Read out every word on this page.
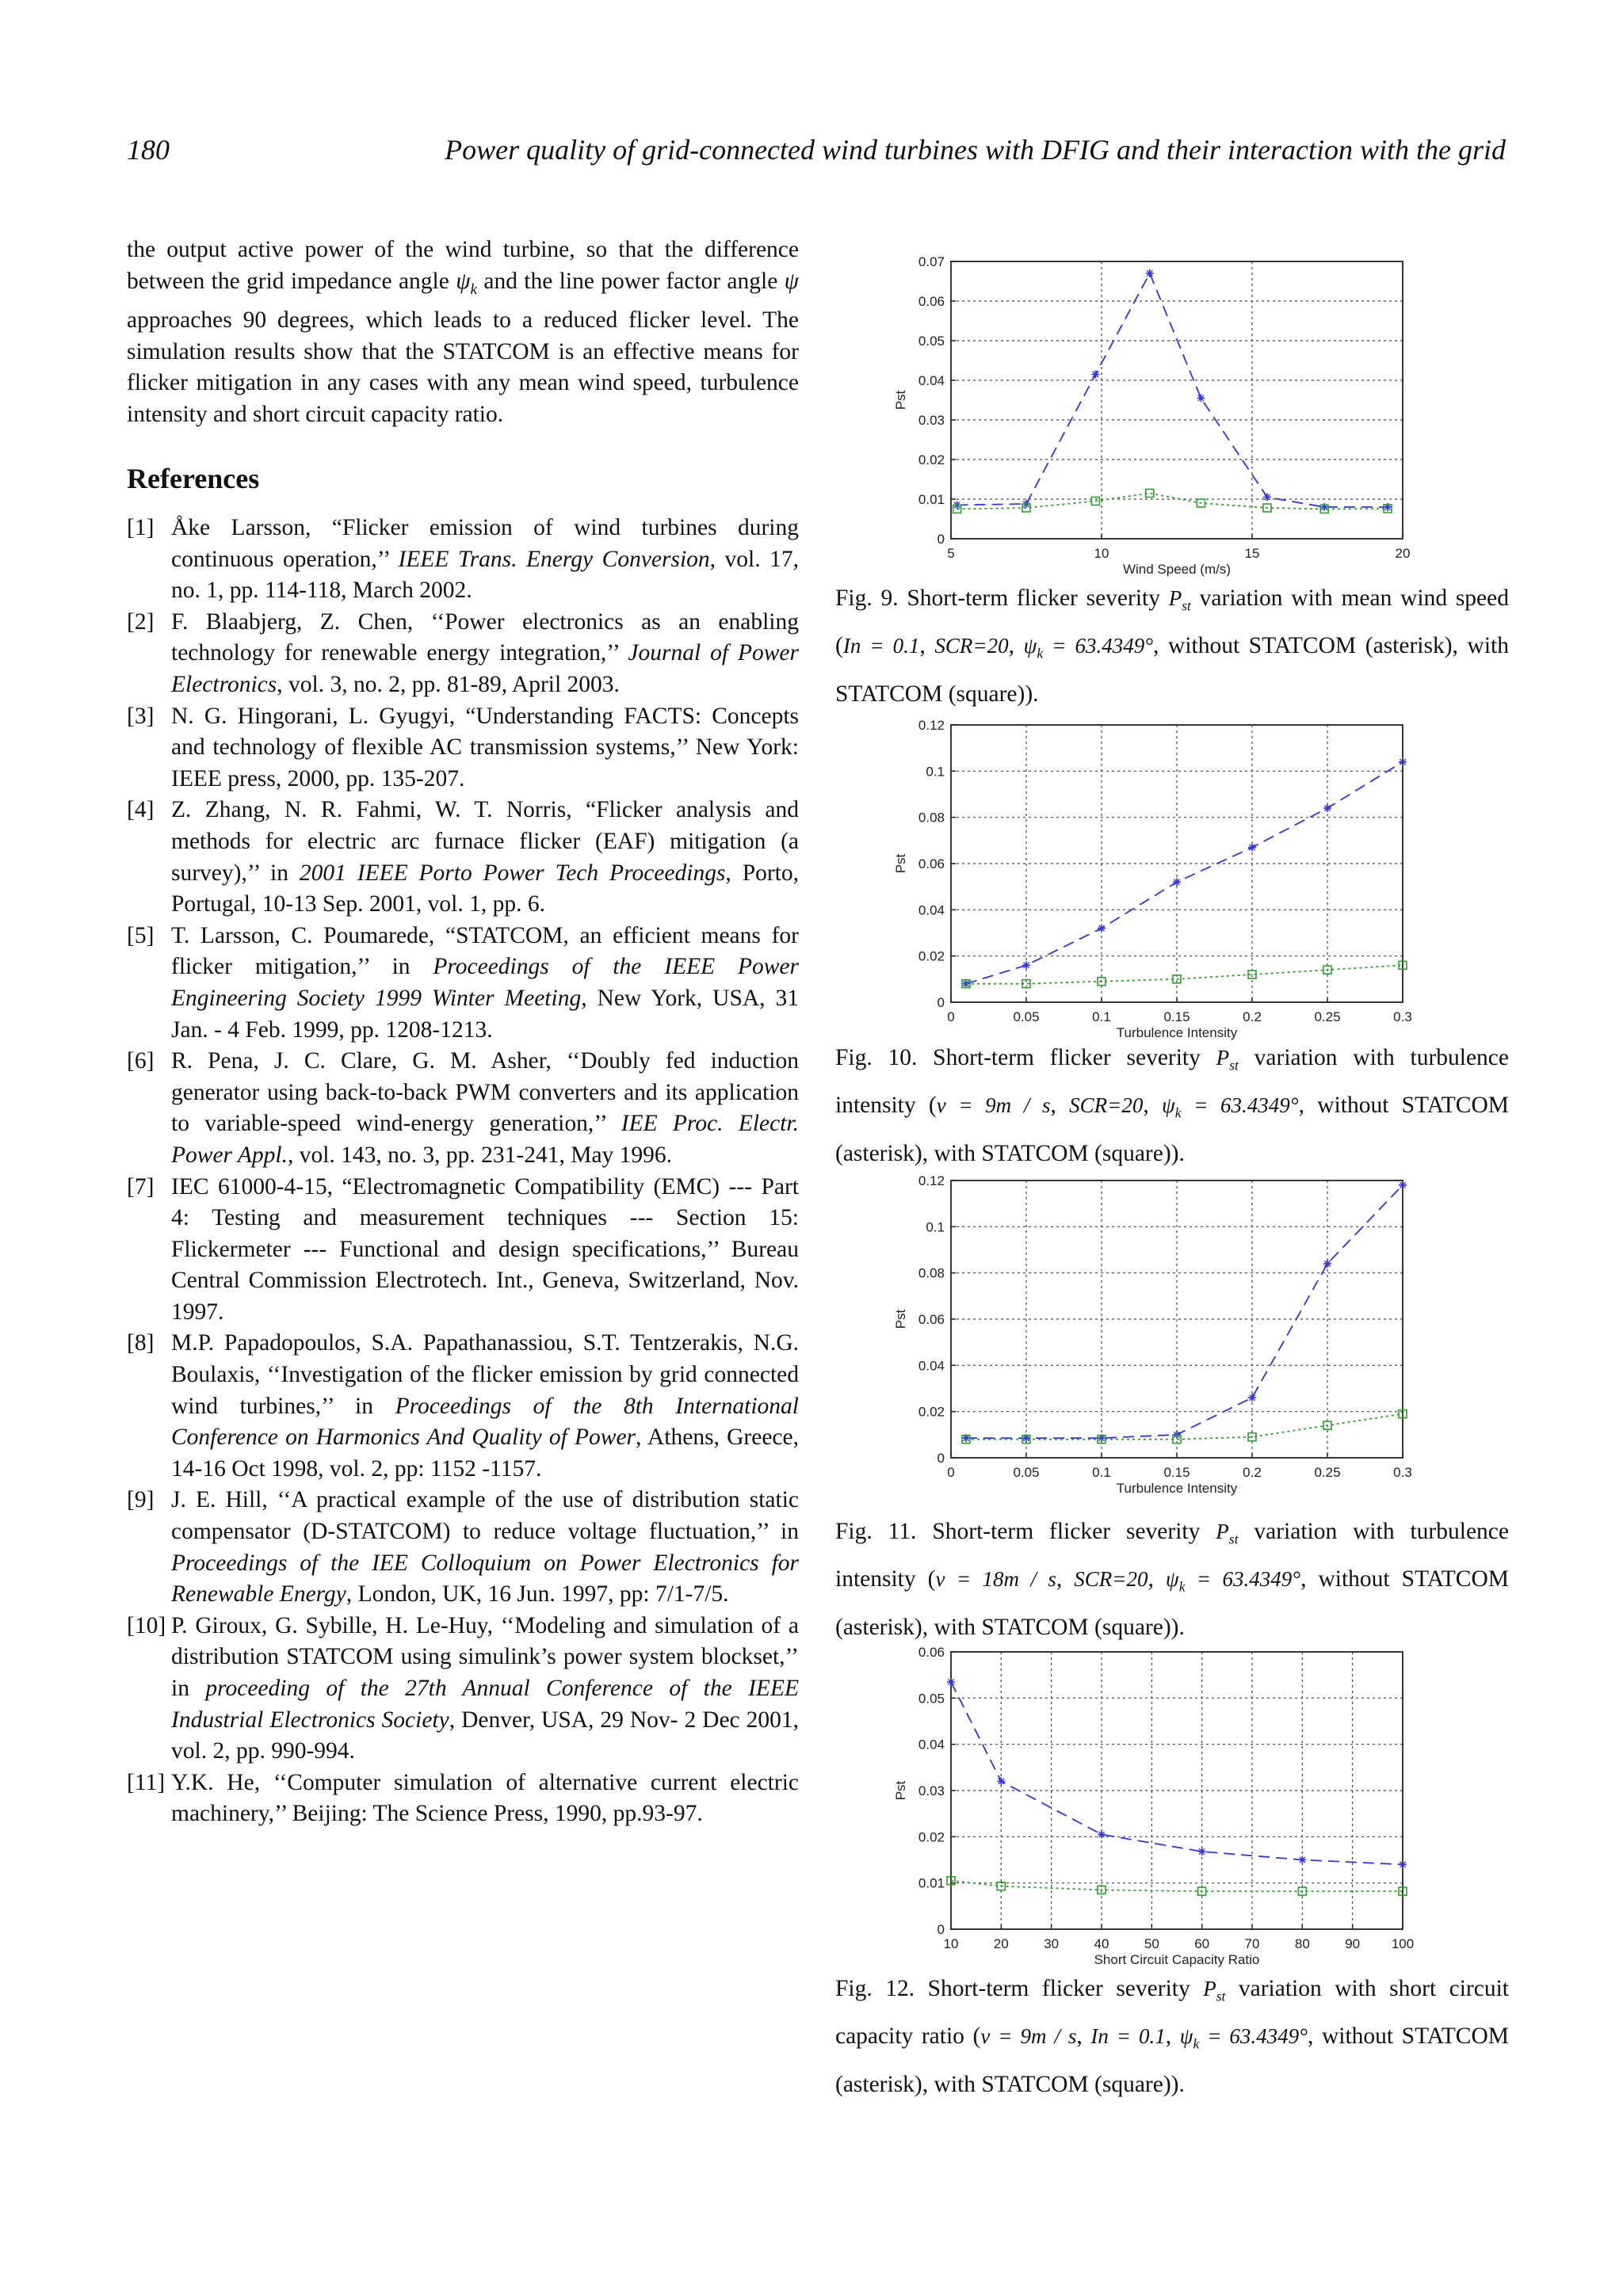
180	Power quality of grid-connected wind turbines with DFIG and their interaction with the grid

the output active power of the wind turbine, so that the difference between the grid impedance angle $\psi_k$ and the line power factor angle ψ approaches 90 degrees, which leads to a reduced flicker level. The simulation results show that the STATCOM is an effective means for flicker mitigation in any cases with any mean wind speed, turbulence intensity and short circuit capacity ratio.

References
[1] Åke Larsson, “Flicker emission of wind turbines during continuous operation,’’ IEEE Trans. Energy Conversion, vol. 17, no. 1, pp. 114-118, March 2002.
[2] F. Blaabjerg, Z. Chen, ‘‘Power electronics as an enabling technology for renewable energy integration,’’ Journal of Power Electronics, vol. 3, no. 2, pp. 81-89, April 2003.
[3] N. G. Hingorani, L. Gyugyi, “Understanding FACTS: Concepts and technology of flexible AC transmission systems,’’ New York: IEEE press, 2000, pp. 135-207.
[4] Z. Zhang, N. R. Fahmi, W. T. Norris, “Flicker analysis and methods for electric arc furnace flicker (EAF) mitigation (a survey),’’ in 2001 IEEE Porto Power Tech Proceedings, Porto, Portugal, 10-13 Sep. 2001, vol. 1, pp. 6.
[5] T. Larsson, C. Poumarede, “STATCOM, an efficient means for flicker mitigation,’’ in Proceedings of the IEEE Power Engineering Society 1999 Winter Meeting, New York, USA, 31 Jan. - 4 Feb. 1999, pp. 1208-1213.
[6] R. Pena, J. C. Clare, G. M. Asher, ‘‘Doubly fed induction generator using back-to-back PWM converters and its application to variable-speed wind-energy generation,’’ IEE Proc. Electr. Power Appl., vol. 143, no. 3, pp. 231-241, May 1996.
[7] IEC 61000-4-15, “Electromagnetic Compatibility (EMC) --- Part 4: Testing and measurement techniques --- Section 15: Flickermeter --- Functional and design specifications,’’ Bureau Central Commission Electrotech. Int., Geneva, Switzerland, Nov. 1997.
[8] M.P. Papadopoulos, S.A. Papathanassiou, S.T. Tentzerakis, N.G. Boulaxis, ‘‘Investigation of the flicker emission by grid connected wind turbines,’’ in Proceedings of the 8th International Conference on Harmonics And Quality of Power, Athens, Greece, 14-16 Oct 1998, vol. 2, pp: 1152 -1157.
[9] J. E. Hill, ‘‘A practical example of the use of distribution static compensator (D-STATCOM) to reduce voltage fluctuation,’’ in Proceedings of the IEE Colloquium on Power Electronics for Renewable Energy, London, UK, 16 Jun. 1997, pp: 7/1-7/5.
[10] P. Giroux, G. Sybille, H. Le-Huy, ‘‘Modeling and simulation of a distribution STATCOM using simulink’s power system blockset,’’ in proceeding of the 27th Annual Conference of the IEEE Industrial Electronics Society, Denver, USA, 29 Nov- 2 Dec 2001, vol. 2, pp. 990-994.
[11] Y.K. He, ‘‘Computer simulation of alternative current electric machinery,’’ Beijing: The Science Press, 1990, pp.93-97.
5	10	15	20
0
0.01
0.02
0.03
0.04
0.05
0.06
0.07
Wind Speed (m/s)
Pst
Fig. 9. Short-term flicker severity $P_{st}$ variation with mean wind speed (In = 0.1, SCR=20, $\psi_k = 63.4349^\circ$, without STATCOM (asterisk), with STATCOM (square)).
0	0.05	0.1	0.15	0.2	0.25	0.3
0
0.02
0.04
0.06
0.08
0.1
0.12
Turbulence Intensity
Pst
Fig. 10. Short-term flicker severity $P_{st}$ variation with turbulence intensity (v = 9m / s, SCR=20, $\psi_k = 63.4349^\circ$, without STATCOM (asterisk), with STATCOM (square)).
0	0.05	0.1	0.15	0.2	0.25	0.3
0
0.02
0.04
0.06
0.08
0.1
0.12
Turbulence Intensity
Pst
Fig. 11. Short-term flicker severity $P_{st}$ variation with turbulence intensity (v = 18m / s, SCR=20, $\psi_k = 63.4349^\circ$, without STATCOM (asterisk), with STATCOM (square)).
10	20	30	40	50	60	70	80	90 100
0
0.01
0.02
0.03
0.04
0.05
0.06
Short Circuit Capacity Ratio
Pst
Fig. 12. Short-term flicker severity $P_{st}$ variation with short circuit capacity ratio (v = 9m / s, In = 0.1, $\psi_k = 63.4349^\circ$, without STATCOM (asterisk), with STATCOM (square)).
